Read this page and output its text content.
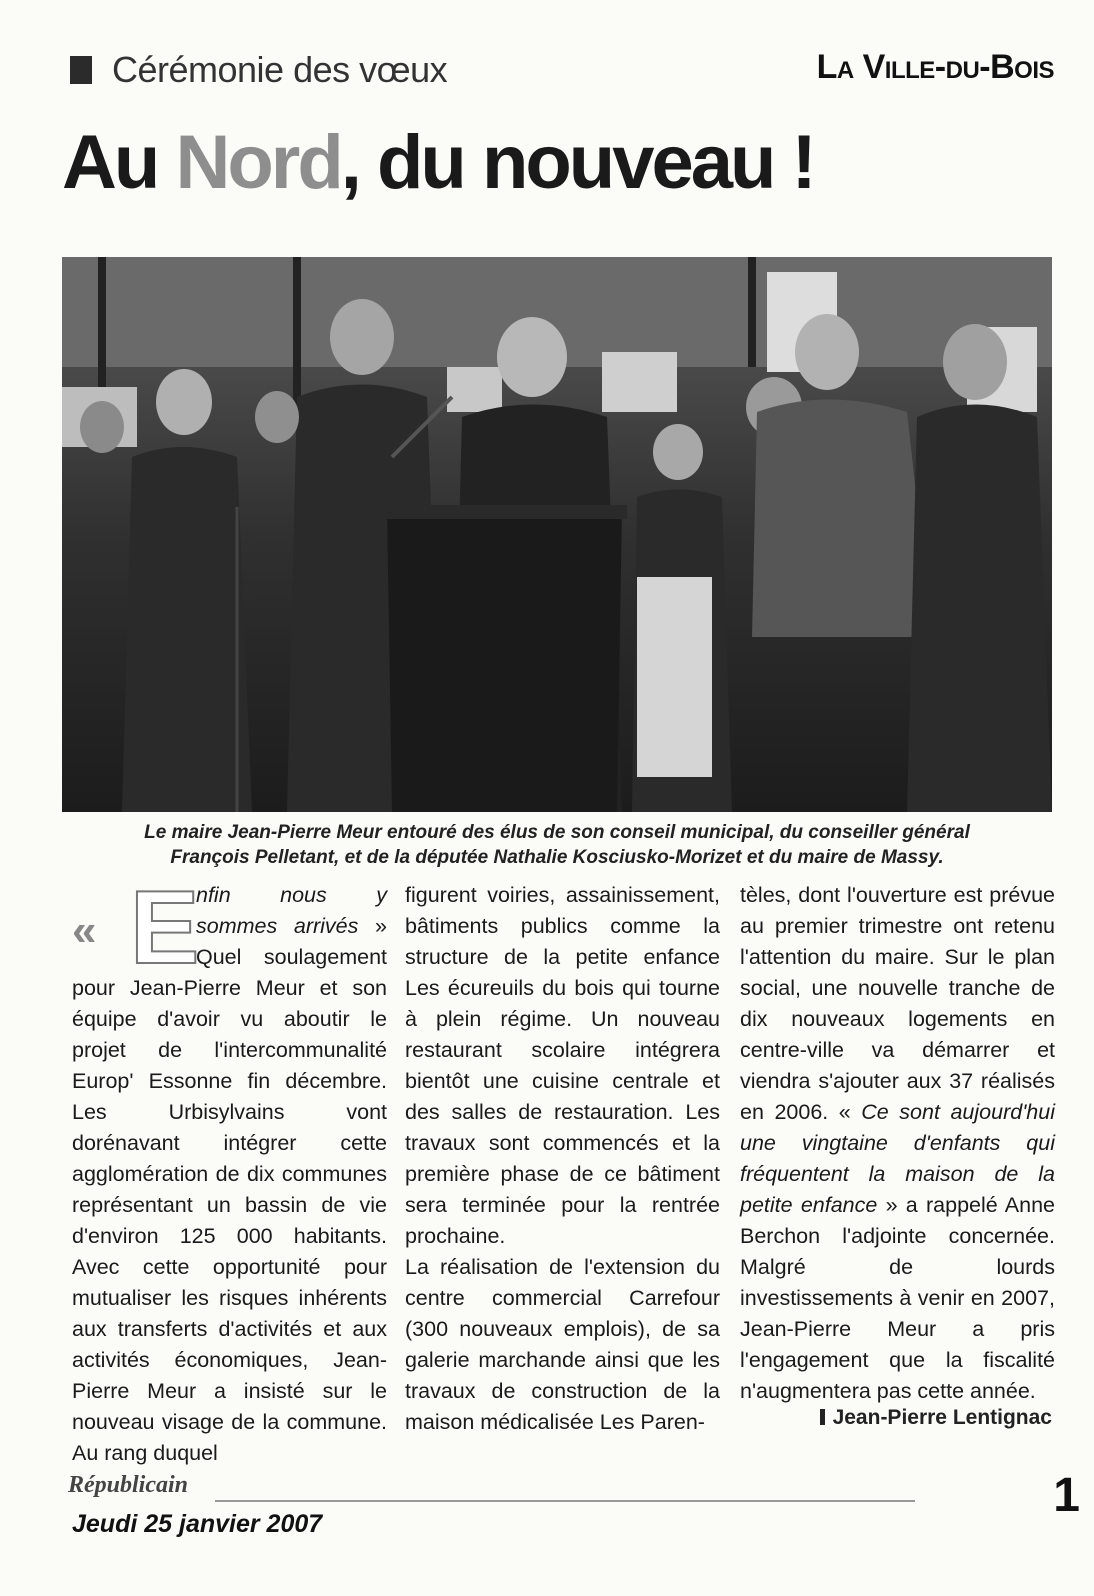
Cérémonie des vœux	La Ville-du-Bois
Au Nord, du nouveau !
Le maire Jean-Pierre Meur entouré des élus de son conseil municipal, du conseiller général
François Pelletant, et de la députée Nathalie Kosciusko-Morizet et du maire de Massy.
« E

nfin nous y sommes arrivés » Quel soulagement pour Jean-Pierre Meur et son équipe d'avoir vu aboutir le projet de l'intercommunalité Europ' Essonne fin décembre. Les Urbisylvains vont dorénavant intégrer cette agglomération de dix communes représentant un bassin de vie d'environ 125 000 habitants. Avec cette opportunité pour mutualiser les risques inhérents aux transferts d'activités et aux activités économiques, Jean-Pierre Meur a insisté sur le nouveau visage de la commune. Au rang duquel

figurent voiries, assainissement, bâtiments publics comme la structure de la petite enfance Les écureuils du bois qui tourne à plein régime. Un nouveau restaurant scolaire intégrera bientôt une cuisine centrale et des salles de restauration. Les travaux sont commencés et la première phase de ce bâtiment sera terminée pour la rentrée prochaine.

La réalisation de l'extension du centre commercial Carrefour (300 nouveaux emplois), de sa galerie marchande ainsi que les travaux de construction de la maison médicalisée Les Paren-

tèles, dont l'ouverture est prévue au premier trimestre ont retenu l'attention du maire. Sur le plan social, une nouvelle tranche de dix nouveaux logements en centre-ville va démarrer et viendra s'ajouter aux 37 réalisés en 2006. « Ce sont aujourd'hui une vingtaine d'enfants qui fréquentent la maison de la petite enfance » a rappelé Anne Berchon l'adjointe concernée. Malgré de lourds investissements à venir en 2007, Jean-Pierre Meur a pris l'engagement que la fiscalité n'augmentera pas cette année.

Jean-Pierre Lentignac
Républicain
Jeudi 25 janvier 2007
1
